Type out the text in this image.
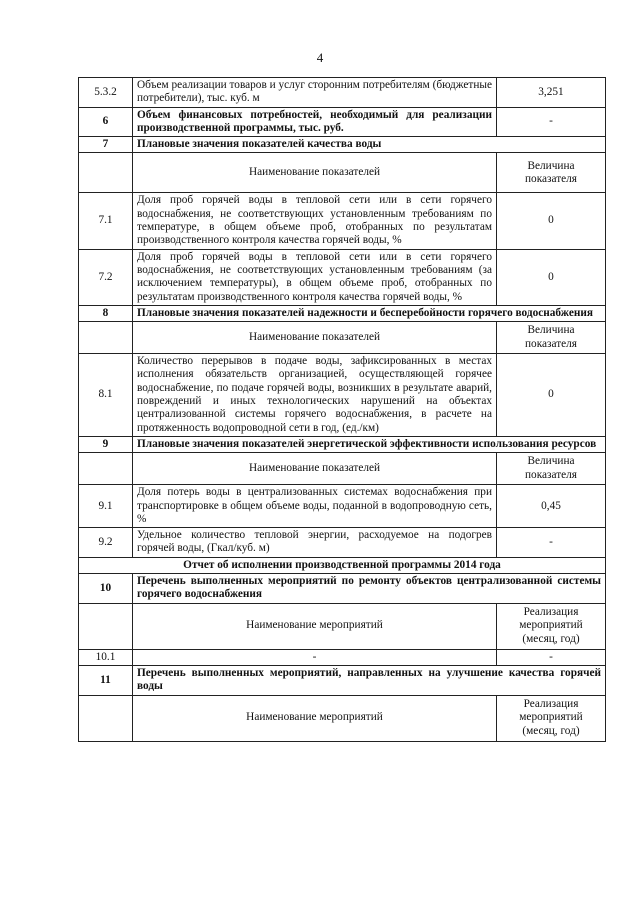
4
5.3.2	Объем реализации товаров и услуг сторонним потребителям (бюджетные потребители), тыс. куб. м	3,251
6	Объем финансовых потребностей, необходимый для реализации производственной программы, тыс. руб.	-
7	Плановые значения показателей качества воды	
	Наименование показателей	Величина показателя
7.1	Доля проб горячей воды в тепловой сети или в сети горячего водоснабжения, не соответствующих установленным требованиям по температуре, в общем объеме проб, отобранных по результатам производственного контроля качества горячей воды, %	0
7.2	Доля проб горячей воды в тепловой сети или в сети горячего водоснабжения, не соответствующих установленным требованиям (за исключением температуры), в общем объеме проб, отобранных по результатам производственного контроля качества горячей воды, %	0
8	Плановые значения показателей надежности и бесперебойности горячего водоснабжения	
	Наименование показателей	Величина показателя
8.1	Количество перерывов в подаче воды, зафиксированных в местах исполнения обязательств организацией, осуществляющей горячее водоснабжение, по подаче горячей воды, возникших в результате аварий, повреждений и иных технологических нарушений на объектах централизованной системы горячего водоснабжения, в расчете на протяженность водопроводной сети в год, (ед./км)	0
9	Плановые значения показателей энергетической эффективности использования ресурсов	
	Наименование показателей	Величина показателя
9.1	Доля потерь воды в централизованных системах водоснабжения при транспортировке в общем объеме воды, поданной в водопроводную сеть, %	0,45
9.2	Удельное количество тепловой энергии, расходуемое на подогрев горячей воды, (Гкал/куб. м)	-
Отчет об исполнении производственной программы 2014 года		
10	Перечень выполненных мероприятий по ремонту объектов централизованной системы горячего водоснабжения	
	Наименование мероприятий	Реализация мероприятий (месяц, год)
10.1	-	-
11	Перечень выполненных мероприятий, направленных на улучшение качества горячей воды	
	Наименование мероприятий	Реализация мероприятий (месяц, год)
